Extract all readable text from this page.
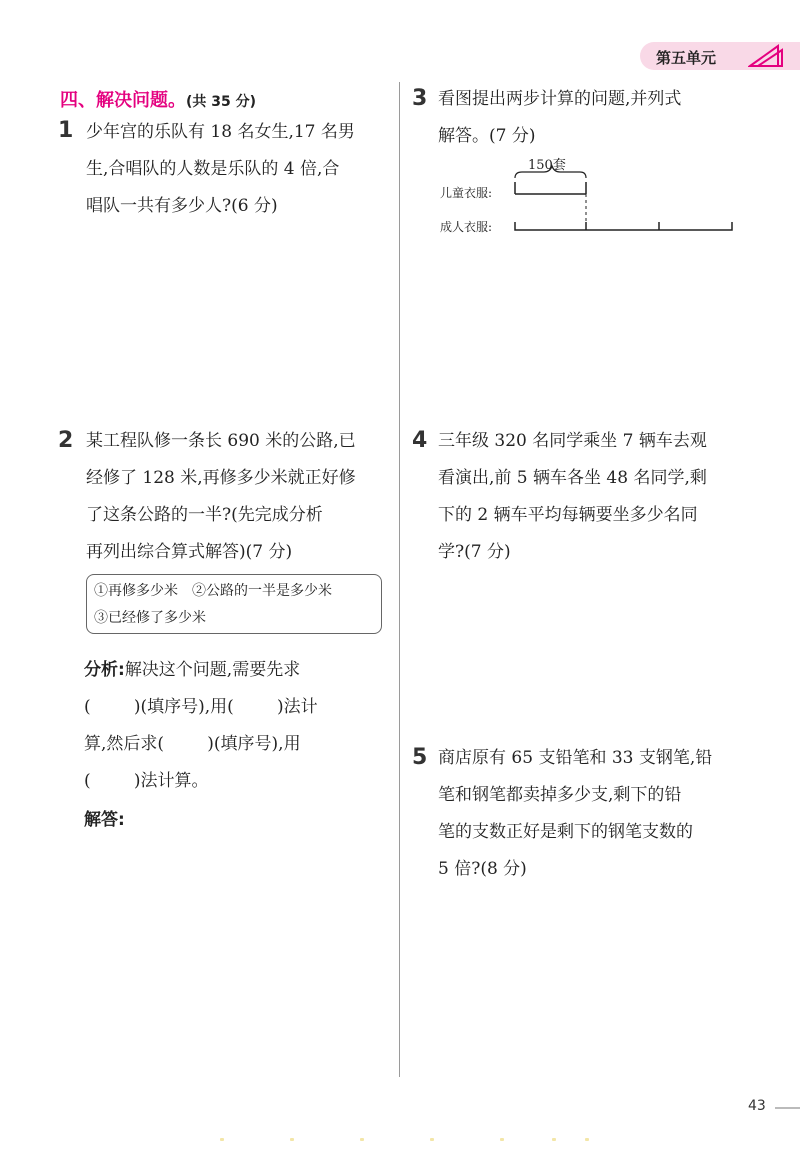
第五单元
四、解决问题。(共 35 分)
1 少年宫的乐队有 18 名女生,17 名男
生,合唱队的人数是乐队的 4 倍,合
唱队一共有多少人?(6 分)
2 某工程队修一条长 690 米的公路,已
经修了 128 米,再修多少米就正好修
了这条公路的一半?(先完成分析
再列出综合算式解答)(7 分)
①再修多少米 ②公路的一半是多少米
③已经修了多少米
分析:解决这个问题,需要先求
(        )(填序号),用(        )法计
算,然后求(        )(填序号),用
(        )法计算。
解答:
3 看图提出两步计算的问题,并列式
解答。(7 分)
150套
儿童衣服:
成人衣服:
4 三年级 320 名同学乘坐 7 辆车去观
看演出,前 5 辆车各坐 48 名同学,剩
下的 2 辆车平均每辆要坐多少名同
学?(7 分)
5 商店原有 65 支铅笔和 33 支钢笔,铅
笔和钢笔都卖掉多少支,剩下的铅
笔的支数正好是剩下的钢笔支数的
5 倍?(8 分)
43
